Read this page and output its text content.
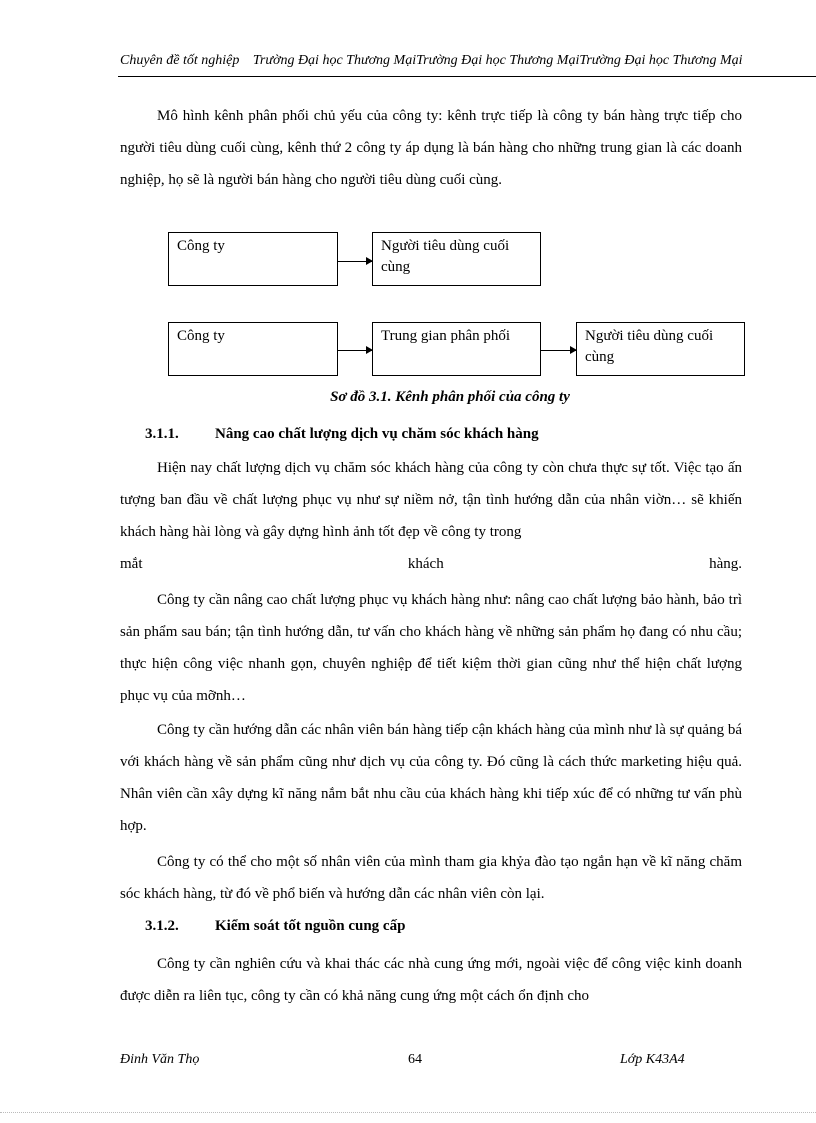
Chuyên đề tốt nghiệp Trường Đại học Thương MạiTrường Đại học Thương MạiTrường Đại học Thương Mại

Mô hình kênh phân phối chủ yếu của công ty: kênh trực tiếp là công ty bán hàng trực tiếp cho người tiêu dùng cuối cùng, kênh thứ 2 công ty áp dụng là bán hàng cho những trung gian là các doanh nghiệp, họ sẽ là người bán hàng cho người tiêu dùng cuối cùng.

Công ty	Người tiêu dùng cuối cùng
Công ty	Trung gian phân phối	Người tiêu dùng cuối cùng
Sơ đồ 3.1. Kênh phân phối của công ty
3.1.1. Nâng cao chất lượng dịch vụ chăm sóc khách hàng

Hiện nay chất lượng dịch vụ chăm sóc khách hàng của công ty còn chưa thực sự tốt. Việc tạo ấn tượng ban đầu về chất lượng phục vụ như sự niềm nở, tận tình hướng dẫn của nhân viờn… sẽ khiến khách hàng hài lòng và gây dựng hình ảnh tốt đẹp về công ty trong

mắt	khách	hàng.

Công ty cần nâng cao chất lượng phục vụ khách hàng như: nâng cao chất lượng bảo hành, bảo trì sản phẩm sau bán; tận tình hướng dẫn, tư vấn cho khách hàng về những sản phẩm họ đang có nhu cầu; thực hiện công việc nhanh gọn, chuyên nghiệp để tiết kiệm thời gian cũng như thể hiện chất lượng phục vụ của mỡnh…

Công ty cần hướng dẫn các nhân viên bán hàng tiếp cận khách hàng của mình như là sự quảng bá với khách hàng về sản phẩm cũng như dịch vụ của công ty. Đó cũng là cách thức marketing hiệu quả. Nhân viên cần xây dựng kĩ năng nắm bắt nhu cầu của khách hàng khi tiếp xúc để có những tư vấn phù hợp.

Công ty có thể cho một số nhân viên của mình tham gia khỷa đào tạo ngắn hạn về kĩ năng chăm sóc khách hàng, từ đó về phổ biến và hướng dẫn các nhân viên còn lại.

3.1.2. Kiểm soát tốt nguồn cung cấp

Công ty cần nghiên cứu và khai thác các nhà cung ứng mới, ngoài việc để công việc kinh doanh được diễn ra liên tục, công ty cần có khả năng cung ứng một cách ổn định cho

Đinh Văn Thọ	64	Lớp K43A4
